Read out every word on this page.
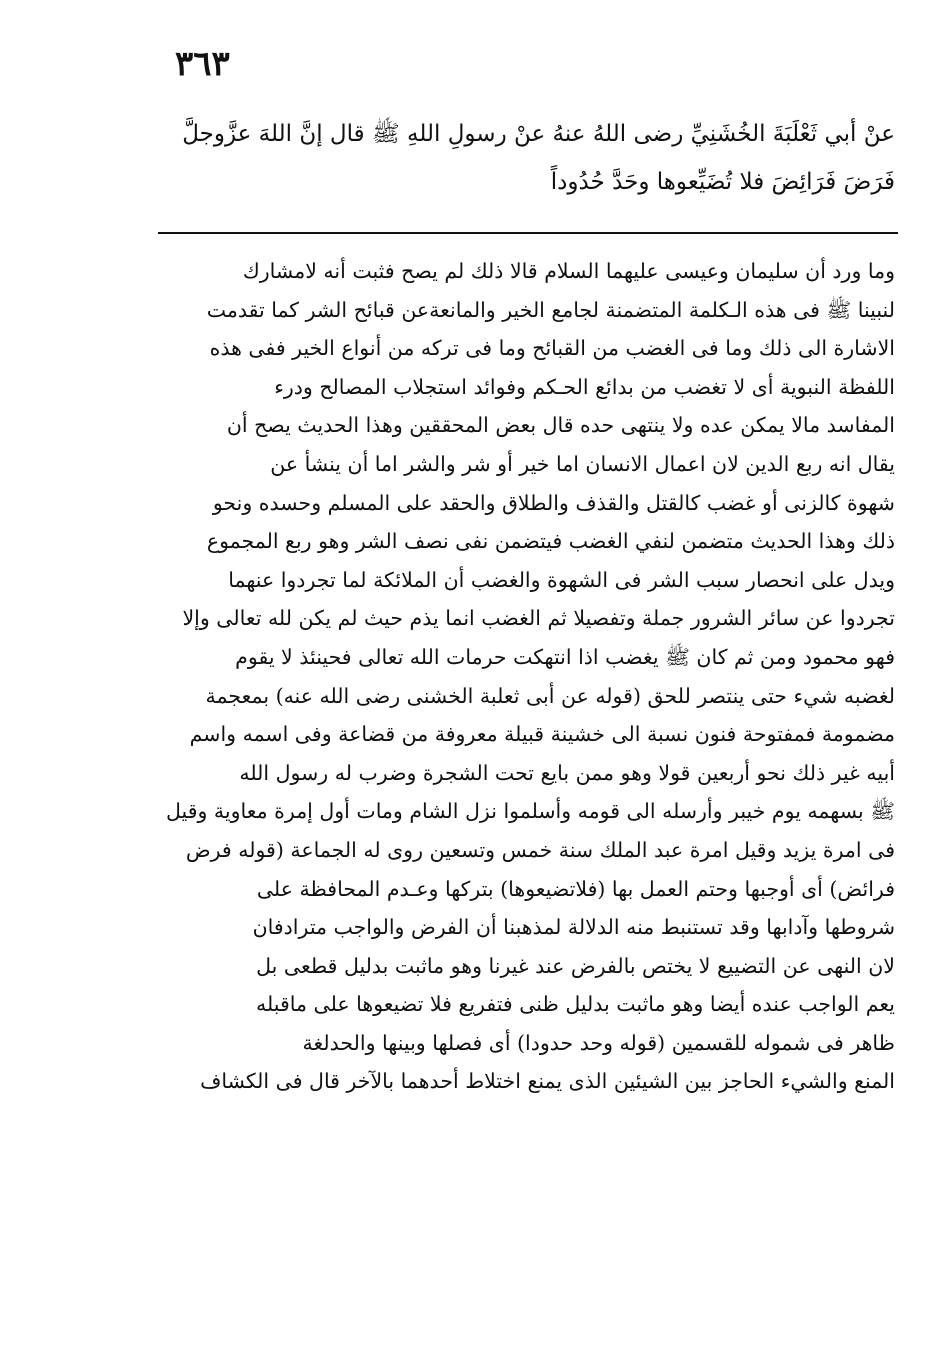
٣٦٣
عنْ أبي ثَعْلَبَةَ الخُشَنِيِّ رضى اللهُ عنهُ عنْ رسولِ اللهِ ﷺ قال إنَّ اللهَ عزَّوجلَّ
فَرَضَ فَرَائِضَ فلا تُضَيِّعوها وحَدَّ حُدُوداً
وما ورد أن سليمان وعيسى عليهما السلام قالا ذلك لم يصح فثبت أنه لامشارك
لنبينا ﷺ فى هذه الـكلمة المتضمنة لجامع الخير والمانعةعن قبائح الشر كما تقدمت
الاشارة الى ذلك وما فى الغضب من القبائح وما فى تركه من أنواع الخير ففى هذه
اللفظة النبوية أى لا تغضب من بدائع الحـكم وفوائد استجلاب المصالح ودرء
المفاسد مالا يمكن عده ولا ينتهى حده قال بعض المحققين وهذا الحديث يصح أن
يقال انه ربع الدين لان اعمال الانسان اما خير أو شر والشر اما أن ينشأ عن
شهوة كالزنى أو غضب كالقتل والقذف والطلاق والحقد على المسلم وحسده ونحو
ذلك وهذا الحديث متضمن لنفي الغضب فيتضمن نفى نصف الشر وهو ربع المجموع
ويدل على انحصار سبب الشر فى الشهوة والغضب أن الملائكة لما تجردوا عنهما
تجردوا عن سائر الشرور جملة وتفصيلا ثم الغضب انما يذم حيث لم يكن لله تعالى وإلا
فهو محمود ومن ثم كان ﷺ يغضب اذا انتهكت حرمات الله تعالى فحينئذ لا يقوم
لغضبه شيء حتى ينتصر للحق (قوله عن أبى ثعلبة الخشنى رضى الله عنه) بمعجمة
مضمومة فمفتوحة فنون نسبة الى خشينة قبيلة معروفة من قضاعة وفى اسمه واسم
أبيه غير ذلك نحو أربعين قولا وهو ممن بايع تحت الشجرة وضرب له رسول الله
ﷺ بسهمه يوم خيبر وأرسله الى قومه وأسلموا نزل الشام ومات أول إمرة معاوية وقيل
فى امرة يزيد وقيل امرة عبد الملك سنة خمس وتسعين روى له الجماعة (قوله فرض
فرائض) أى أوجبها وحتم العمل بها (فلاتضيعوها) بتركها وعـدم المحافظة على
شروطها وآدابها وقد تستنبط منه الدلالة لمذهبنا أن الفرض والواجب مترادفان
لان النهى عن التضييع لا يختص بالفرض عند غيرنا وهو ماثبت بدليل قطعى بل
يعم الواجب عنده أيضا وهو ماثبت بدليل ظنى فتفريع فلا تضيعوها على ماقبله
ظاهر فى شموله للقسمين (قوله وحد حدودا) أى فصلها وبينها والحدلغة
المنع والشيء الحاجز بين الشيئين الذى يمنع اختلاط أحدهما بالآخر قال فى الكشاف
